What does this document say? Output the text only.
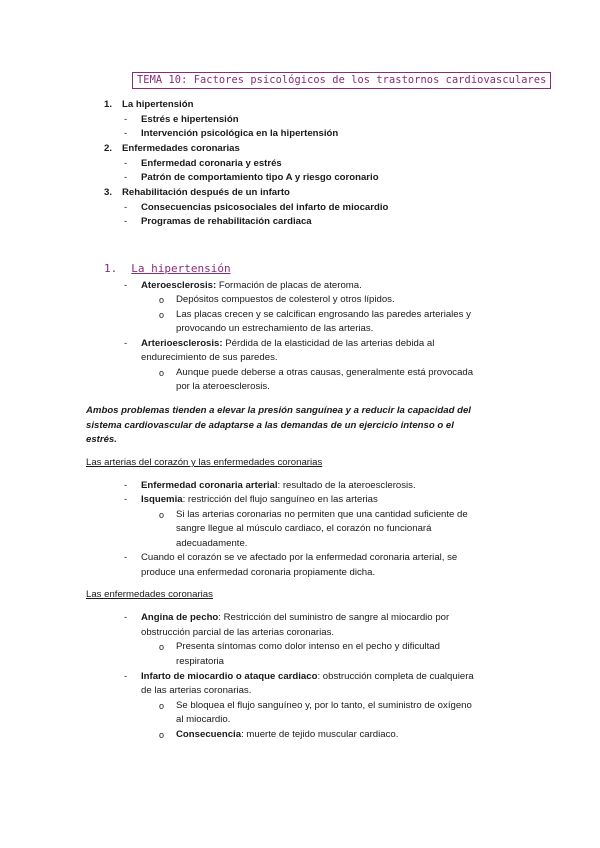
TEMA 10: Factores psicológicos de los trastornos cardiovasculares
1. La hipertensión
- Estrés e hipertensión
- Intervención psicológica en la hipertensión
2. Enfermedades coronarias
- Enfermedad coronaria y estrés
- Patrón de comportamiento tipo A y riesgo coronario
3. Rehabilitación después de un infarto
- Consecuencias psicosociales del infarto de miocardio
- Programas de rehabilitación cardiaca
1. La hipertensión
- Ateroesclerosis: Formación de placas de ateroma.
o Depósitos compuestos de colesterol y otros lípidos.
o Las placas crecen y se calcifican engrosando las paredes arteriales y
provocando un estrechamiento de las arterias.
- Arterioesclerosis: Pérdida de la elasticidad de las arterias debida al
endurecimiento de sus paredes.
o Aunque puede deberse a otras causas, generalmente está provocada
por la ateroesclerosis.
Ambos problemas tienden a elevar la presión sanguínea y a reducir la capacidad del
sistema cardiovascular de adaptarse a las demandas de un ejercicio intenso o el
estrés.
Las arterias del corazón y las enfermedades coronarias
- Enfermedad coronaria arterial: resultado de la ateroesclerosis.
- Isquemia: restricción del flujo sanguíneo en las arterias
o Si las arterias coronarias no permiten que una cantidad suficiente de
sangre llegue al músculo cardiaco, el corazón no funcionará
adecuadamente.
- Cuando el corazón se ve afectado por la enfermedad coronaria arterial, se
produce una enfermedad coronaria propiamente dicha.
Las enfermedades coronarias
- Angina de pecho: Restricción del suministro de sangre al miocardio por
obstrucción parcial de las arterias coronarias.
o Presenta síntomas como dolor intenso en el pecho y dificultad
respiratoria
- Infarto de miocardio o ataque cardiaco: obstrucción completa de cualquiera
de las arterias coronarias.
o Se bloquea el flujo sanguíneo y, por lo tanto, el suministro de oxígeno
al miocardio.
o Consecuencia: muerte de tejido muscular cardiaco.
